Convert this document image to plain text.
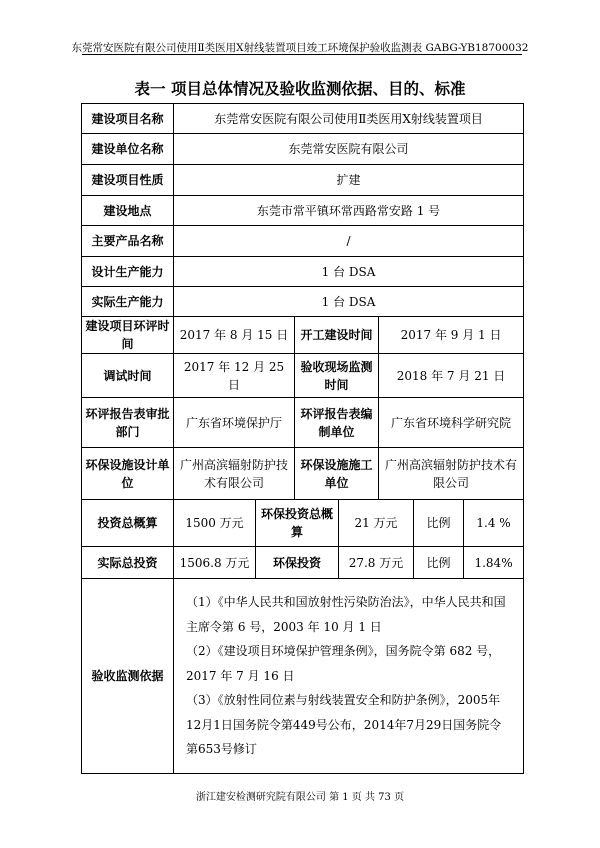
东莞常安医院有限公司使用Ⅱ类医用Ⅹ射线装置项目竣工环境保护验收监测表 GABG-YB18700032
表一 项目总体情况及验收监测依据、目的、标准
建设项目名称	东莞常安医院有限公司使用Ⅱ类医用Ⅹ射线装置项目						
建设单位名称	东莞常安医院有限公司						
建设项目性质	扩建						
建设地点	东莞市常平镇环常西路常安路 1 号						
主要产品名称	/						
设计生产能力	1 台 DSA						
实际生产能力	1 台 DSA						
建设项目环评时间	2017 年 8 月 15 日		开工建设时间		2017 年 9 月 1 日		
调试时间	2017 年 12 月 25 日		验收现场监测时间		2018 年 7 月 21 日		
环评报告表审批部门	广东省环境保护厅		环评报告表编制单位		广东省环境科学研究院		
环保设施设计单位	广州高滨辐射防护技术有限公司		环保设施施工单位		广州高滨辐射防护技术有限公司		
投资总概算	1500 万元	环保投资总概算		21 万元		比例	1.4 %
实际总投资	1506.8 万元	环保投资		27.8 万元		比例	1.84%
验收监测依据	（1）《中华人民共和国放射性污染防治法》，中华人民共和国主席令第 6 号，2003 年 10 月 1 日

（2）《建设项目环境保护管理条例》，国务院令第 682 号，2017 年 7 月 16 日

（3）《放射性同位素与射线装置安全和防护条例》，2005年12月1日国务院令第449号公布，2014年7月29日国务院令第653号修订						

浙江建安检测研究院有限公司 第 1 页 共 73 页
